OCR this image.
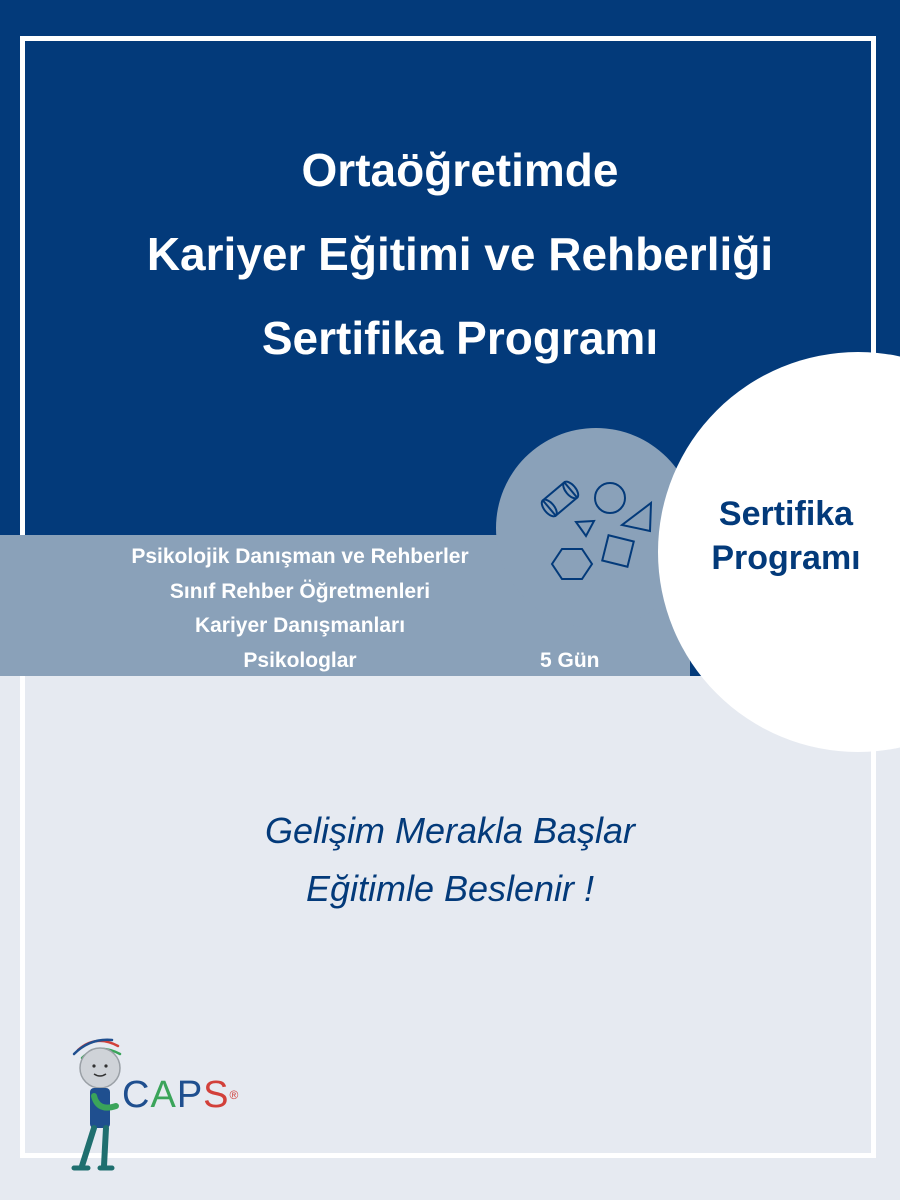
Ortaöğretimde
Kariyer Eğitimi ve Rehberliği
Sertifika Programı
Sertifika
Programı
Psikolojik Danışman ve Rehberler
Sınıf Rehber Öğretmenleri
Kariyer Danışmanları
Psikologlar	5 Gün
Gelişim Merakla Başlar
Eğitimle Beslenir !
CAPS®
